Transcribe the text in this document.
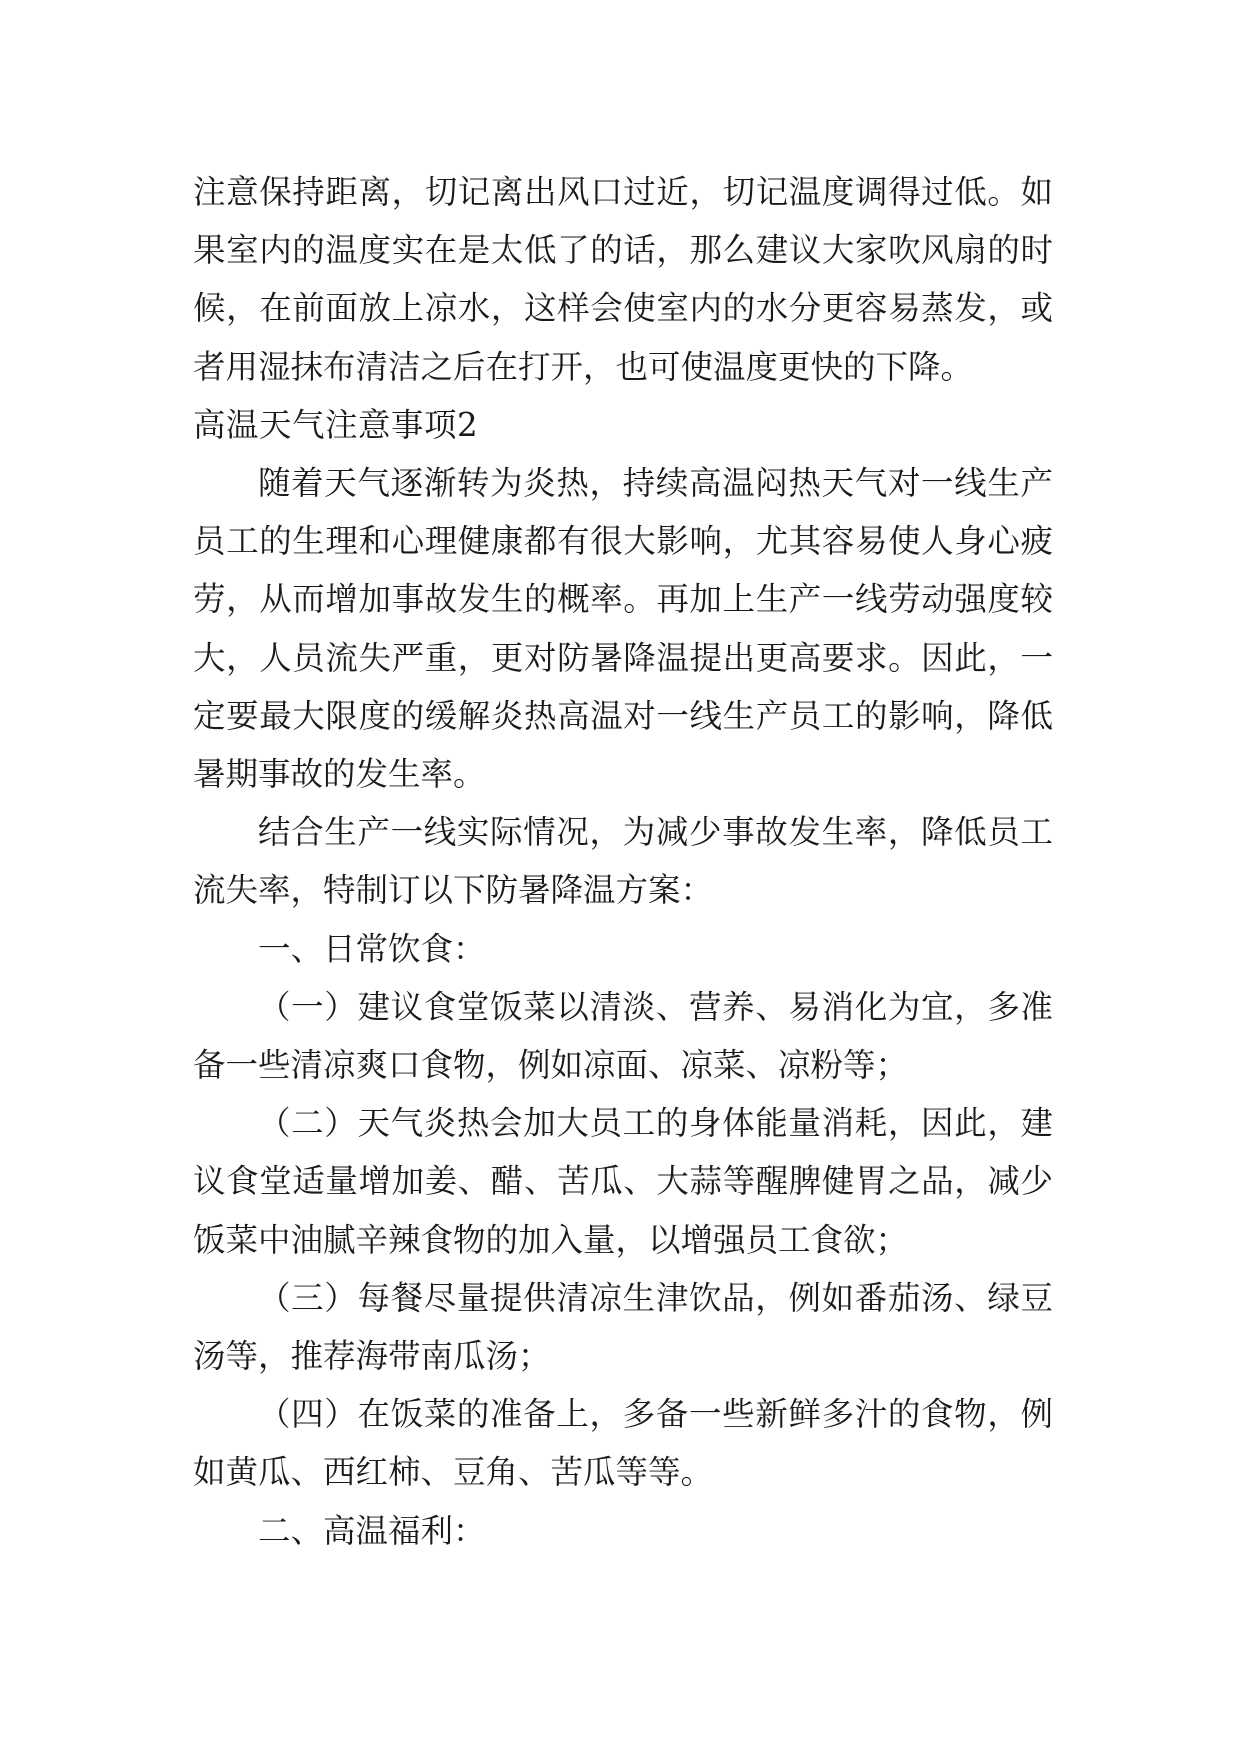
注意保持距离，切记离出风口过近，切记温度调得过低。如果室内的温度实在是太低了的话，那么建议大家吹风扇的时候，在前面放上凉水，这样会使室内的水分更容易蒸发，或者用湿抹布清洁之后在打开，也可使温度更快的下降。

高温天气注意事项2

随着天气逐渐转为炎热，持续高温闷热天气对一线生产员工的生理和心理健康都有很大影响，尤其容易使人身心疲劳，从而增加事故发生的概率。再加上生产一线劳动强度较大，人员流失严重，更对防暑降温提出更高要求。因此，一定要最大限度的缓解炎热高温对一线生产员工的影响，降低暑期事故的发生率。

结合生产一线实际情况，为减少事故发生率，降低员工流失率，特制订以下防暑降温方案：

一、日常饮食：

（一）建议食堂饭菜以清淡、营养、易消化为宜，多准备一些清凉爽口食物，例如凉面、凉菜、凉粉等；

（二）天气炎热会加大员工的身体能量消耗，因此，建议食堂适量增加姜、醋、苦瓜、大蒜等醒脾健胃之品，减少饭菜中油腻辛辣食物的加入量，以增强员工食欲；

（三）每餐尽量提供清凉生津饮品，例如番茄汤、绿豆汤等，推荐海带南瓜汤；

（四）在饭菜的准备上，多备一些新鲜多汁的食物，例如黄瓜、西红柿、豆角、苦瓜等等。

二、高温福利：
